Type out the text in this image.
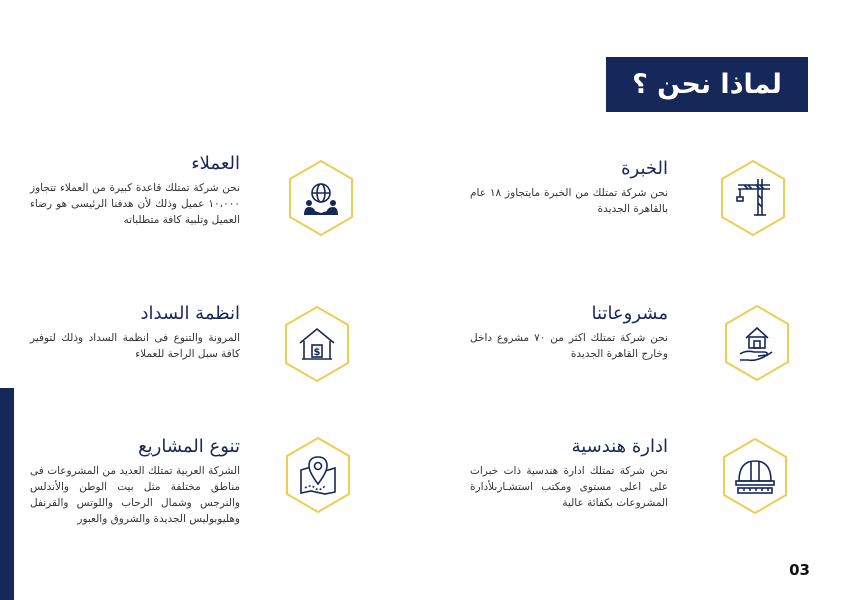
لماذا نحن ؟
الخبرة

نحن شركة تمتلك من الخبرة مايتجاوز ١٨ عام بالقاهرة الجديدة

العملاء

نحن شركة تمتلك قاعدة كبيرة من العملاء تتجاوز ١٠،٠٠٠ عميل وذلك لأن هدفنا الرئيسى هو رضاء العميل وتلبية كافة متطلباته

مشروعاتنا

نحن شركة تمتلك اكثر من ٧٠ مشروع داخل وخارج القاهرة الجديدة

انظمة السداد

المرونة والتنوع فى انظمة السداد وذلك لتوفير كافة سبل الراحة للعملاء	$
ادارة هندسية

نحن شركة تمتلك ادارة هندسية ذات خبرات على اعلى مستوى ومكتب استشـارىلأدارة المشروعات بكفائة عالية

تنوع المشاريع

الشركة العربية تمتلك العديد من المشروعات فى مناطق مختلفة مثل بيت الوطن والأندلس والنرجس وشمال الرحاب واللوتس والقرنفل وهليوبوليس الجديدة والشروق والعبور

03
